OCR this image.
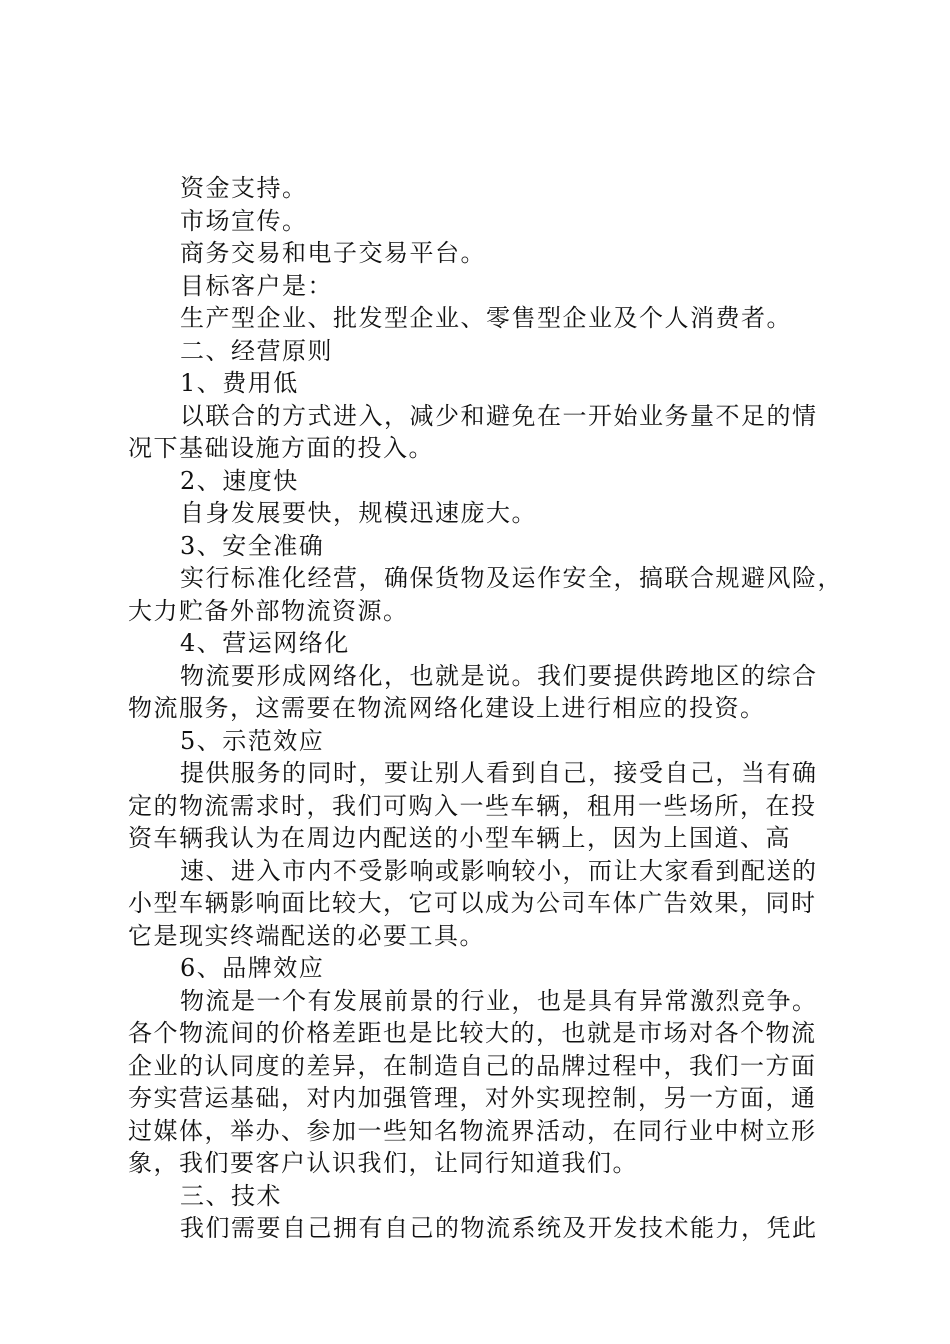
资金支持。
市场宣传。
商务交易和电子交易平台。
目标客户是：
生产型企业、批发型企业、零售型企业及个人消费者。
二、经营原则
1、费用低
以联合的方式进入，减少和避免在一开始业务量不足的情
况下基础设施方面的投入。
2、速度快
自身发展要快，规模迅速庞大。
3、安全准确
实行标准化经营，确保货物及运作安全，搞联合规避风险，
大力贮备外部物流资源。
4、营运网络化
物流要形成网络化，也就是说。我们要提供跨地区的综合
物流服务，这需要在物流网络化建设上进行相应的投资。
5、示范效应
提供服务的同时，要让别人看到自己，接受自己，当有确
定的物流需求时，我们可购入一些车辆，租用一些场所，在投
资车辆我认为在周边内配送的小型车辆上，因为上国道、高
速、进入市内不受影响或影响较小，而让大家看到配送的
小型车辆影响面比较大，它可以成为公司车体广告效果，同时
它是现实终端配送的必要工具。
6、品牌效应
物流是一个有发展前景的行业，也是具有异常激烈竞争。
各个物流间的价格差距也是比较大的，也就是市场对各个物流
企业的认同度的差异，在制造自己的品牌过程中，我们一方面
夯实营运基础，对内加强管理，对外实现控制，另一方面，通
过媒体，举办、参加一些知名物流界活动，在同行业中树立形
象，我们要客户认识我们，让同行知道我们。
三、技术
我们需要自己拥有自己的物流系统及开发技术能力，凭此
